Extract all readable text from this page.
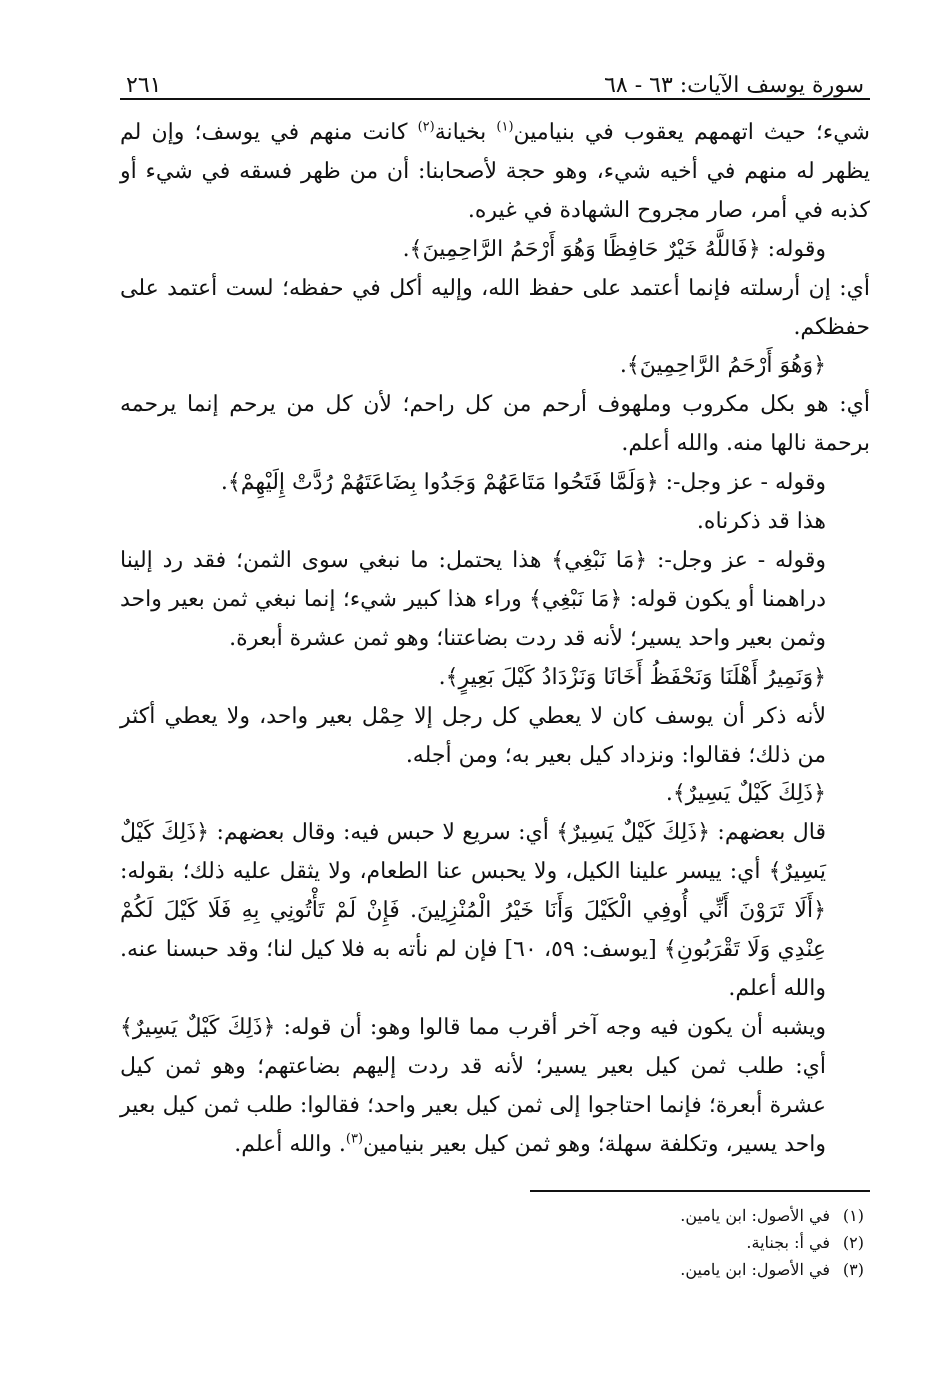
سورة يوسف الآيات: ٦٣ - ٦٨
٢٦١

شيء؛ حيث اتهمهم يعقوب في بنيامين$^{(١)}$ بخيانة$^{(٢)}$ كانت منهم في يوسف؛ وإن لم يظهر له منهم في أخيه شيء، وهو حجة لأصحابنا: أن من ظهر فسقه في شيء أو كذبه في أمر، صار مجروح الشهادة في غيره.

وقوله: ﴿فَاللَّهُ خَيْرٌ حَافِظًا وَهُوَ أَرْحَمُ الرَّاحِمِينَ﴾.

أي: إن أرسلته فإنما أعتمد على حفظ الله، وإليه أكل في حفظه؛ لست أعتمد على حفظكم.

﴿وَهُوَ أَرْحَمُ الرَّاحِمِينَ﴾.

أي: هو بكل مكروب وملهوف أرحم من كل راحم؛ لأن كل من يرحم إنما يرحمه برحمة نالها منه. والله أعلم.

وقوله - عز وجل-: ﴿وَلَمَّا فَتَحُوا مَتَاعَهُمْ وَجَدُوا بِضَاعَتَهُمْ رُدَّتْ إِلَيْهِمْ﴾.

هذا قد ذكرناه.

وقوله - عز وجل-: ﴿مَا نَبْغِي﴾ هذا يحتمل: ما نبغي سوى الثمن؛ فقد رد إلينا دراهمنا أو يكون قوله: ﴿مَا نَبْغِي﴾ وراء هذا كبير شيء؛ إنما نبغي ثمن بعير واحد وثمن بعير واحد يسير؛ لأنه قد ردت بضاعتنا؛ وهو ثمن عشرة أبعرة.

﴿وَنَمِيرُ أَهْلَنَا وَنَحْفَظُ أَخَانَا وَنَزْدَادُ كَيْلَ بَعِيرٍ﴾.

لأنه ذكر أن يوسف كان لا يعطي كل رجل إلا حِمْل بعير واحد، ولا يعطي أكثر من ذلك؛ فقالوا: ونزداد كيل بعير به؛ ومن أجله.

﴿ذَلِكَ كَيْلٌ يَسِيرٌ﴾.

قال بعضهم: ﴿ذَلِكَ كَيْلٌ يَسِيرٌ﴾ أي: سريع لا حبس فيه: وقال بعضهم: ﴿ذَلِكَ كَيْلٌ يَسِيرٌ﴾ أي: ييسر علينا الكيل، ولا يحبس عنا الطعام، ولا يثقل عليه ذلك؛ بقوله: ﴿أَلَا تَرَوْنَ أَنِّي أُوفِي الْكَيْلَ وَأَنَا خَيْرُ الْمُنْزِلِينَ. فَإِنْ لَمْ تَأْتُونِي بِهِ فَلَا كَيْلَ لَكُمْ عِنْدِي وَلَا تَقْرَبُونِ﴾ [يوسف: ٥٩، ٦٠] فإن لم نأته به فلا كيل لنا؛ وقد حبسنا عنه. والله أعلم.

ويشبه أن يكون فيه وجه آخر أقرب مما قالوا وهو: أن قوله: ﴿ذَلِكَ كَيْلٌ يَسِيرٌ﴾ أي: طلب ثمن كيل بعير يسير؛ لأنه قد ردت إليهم بضاعتهم؛ وهو ثمن كيل عشرة أبعرة؛ فإنما احتاجوا إلى ثمن كيل بعير واحد؛ فقالوا: طلب ثمن كيل بعير واحد يسير، وتكلفة سهلة؛ وهو ثمن كيل بعير بنيامين$^{(٣)}$. والله أعلم.

(١)في الأصول: ابن يامين.

(٢)في أ: بجناية.

(٣)في الأصول: ابن يامين.
